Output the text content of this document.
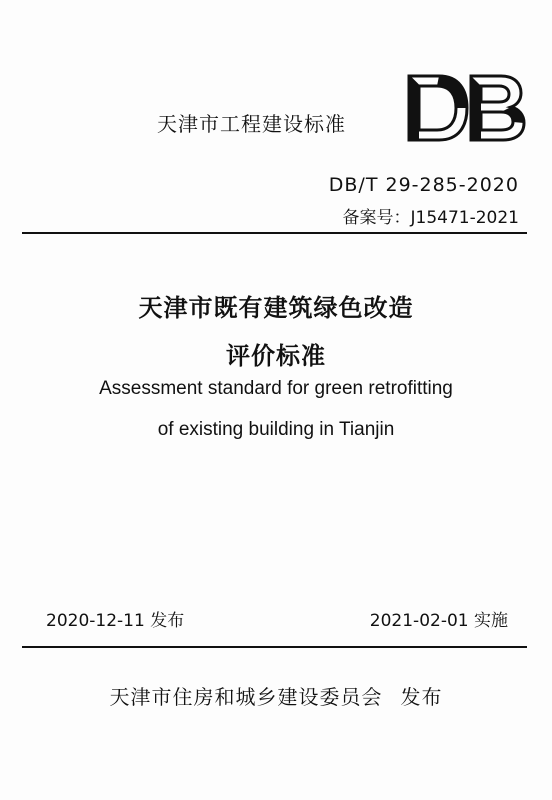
天津市工程建设标准
DB/T 29-285-2020
备案号：J15471-2021
天津市既有建筑绿色改造
评价标准
Assessment standard for green retrofitting
of existing building in Tianjin
2020-12-11 发布	2021-02-01 实施
天津市住房和城乡建设委员会 发布
